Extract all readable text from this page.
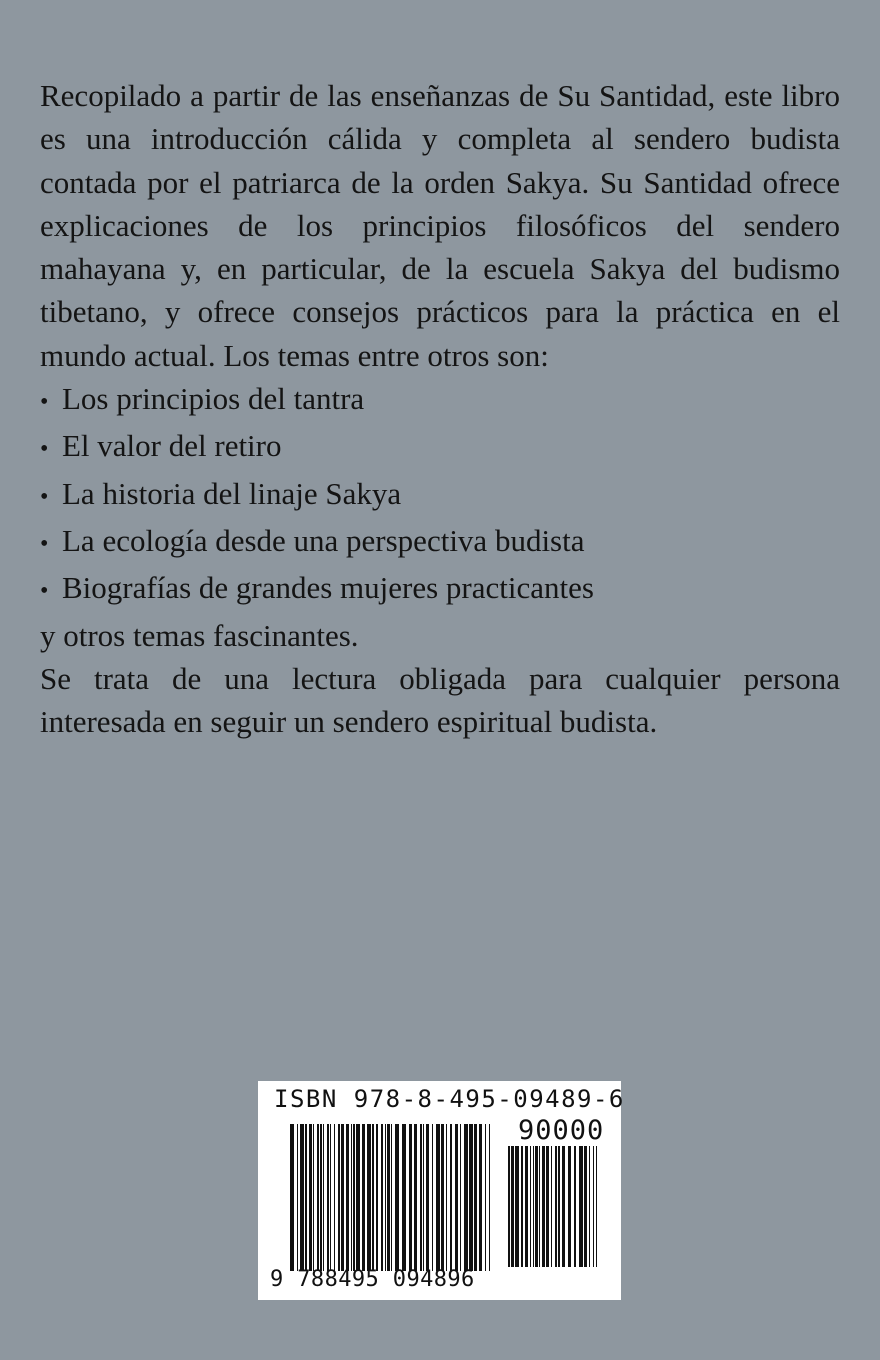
Recopilado a partir de las enseñanzas de Su Santidad, este libro es una introducción cálida y completa al sendero budista contada por el patriarca de la orden Sakya. Su Santidad ofrece explicaciones de los principios filosóficos del sendero mahayana y, en particular, de la escuela Sakya del budismo tibetano, y ofrece consejos prácticos para la práctica en el mundo actual. Los temas entre otros son:

• Los principios del tantra
• El valor del retiro
• La historia del linaje Sakya
• La ecología desde una perspectiva budista
• Biografías de grandes mujeres practicantes
y otros temas fascinantes.

Se trata de una lectura obligada para cualquier persona interesada en seguir un sendero espiritual budista.

ISBN 978-8-495-09489-6
90000
9 788495 094896
